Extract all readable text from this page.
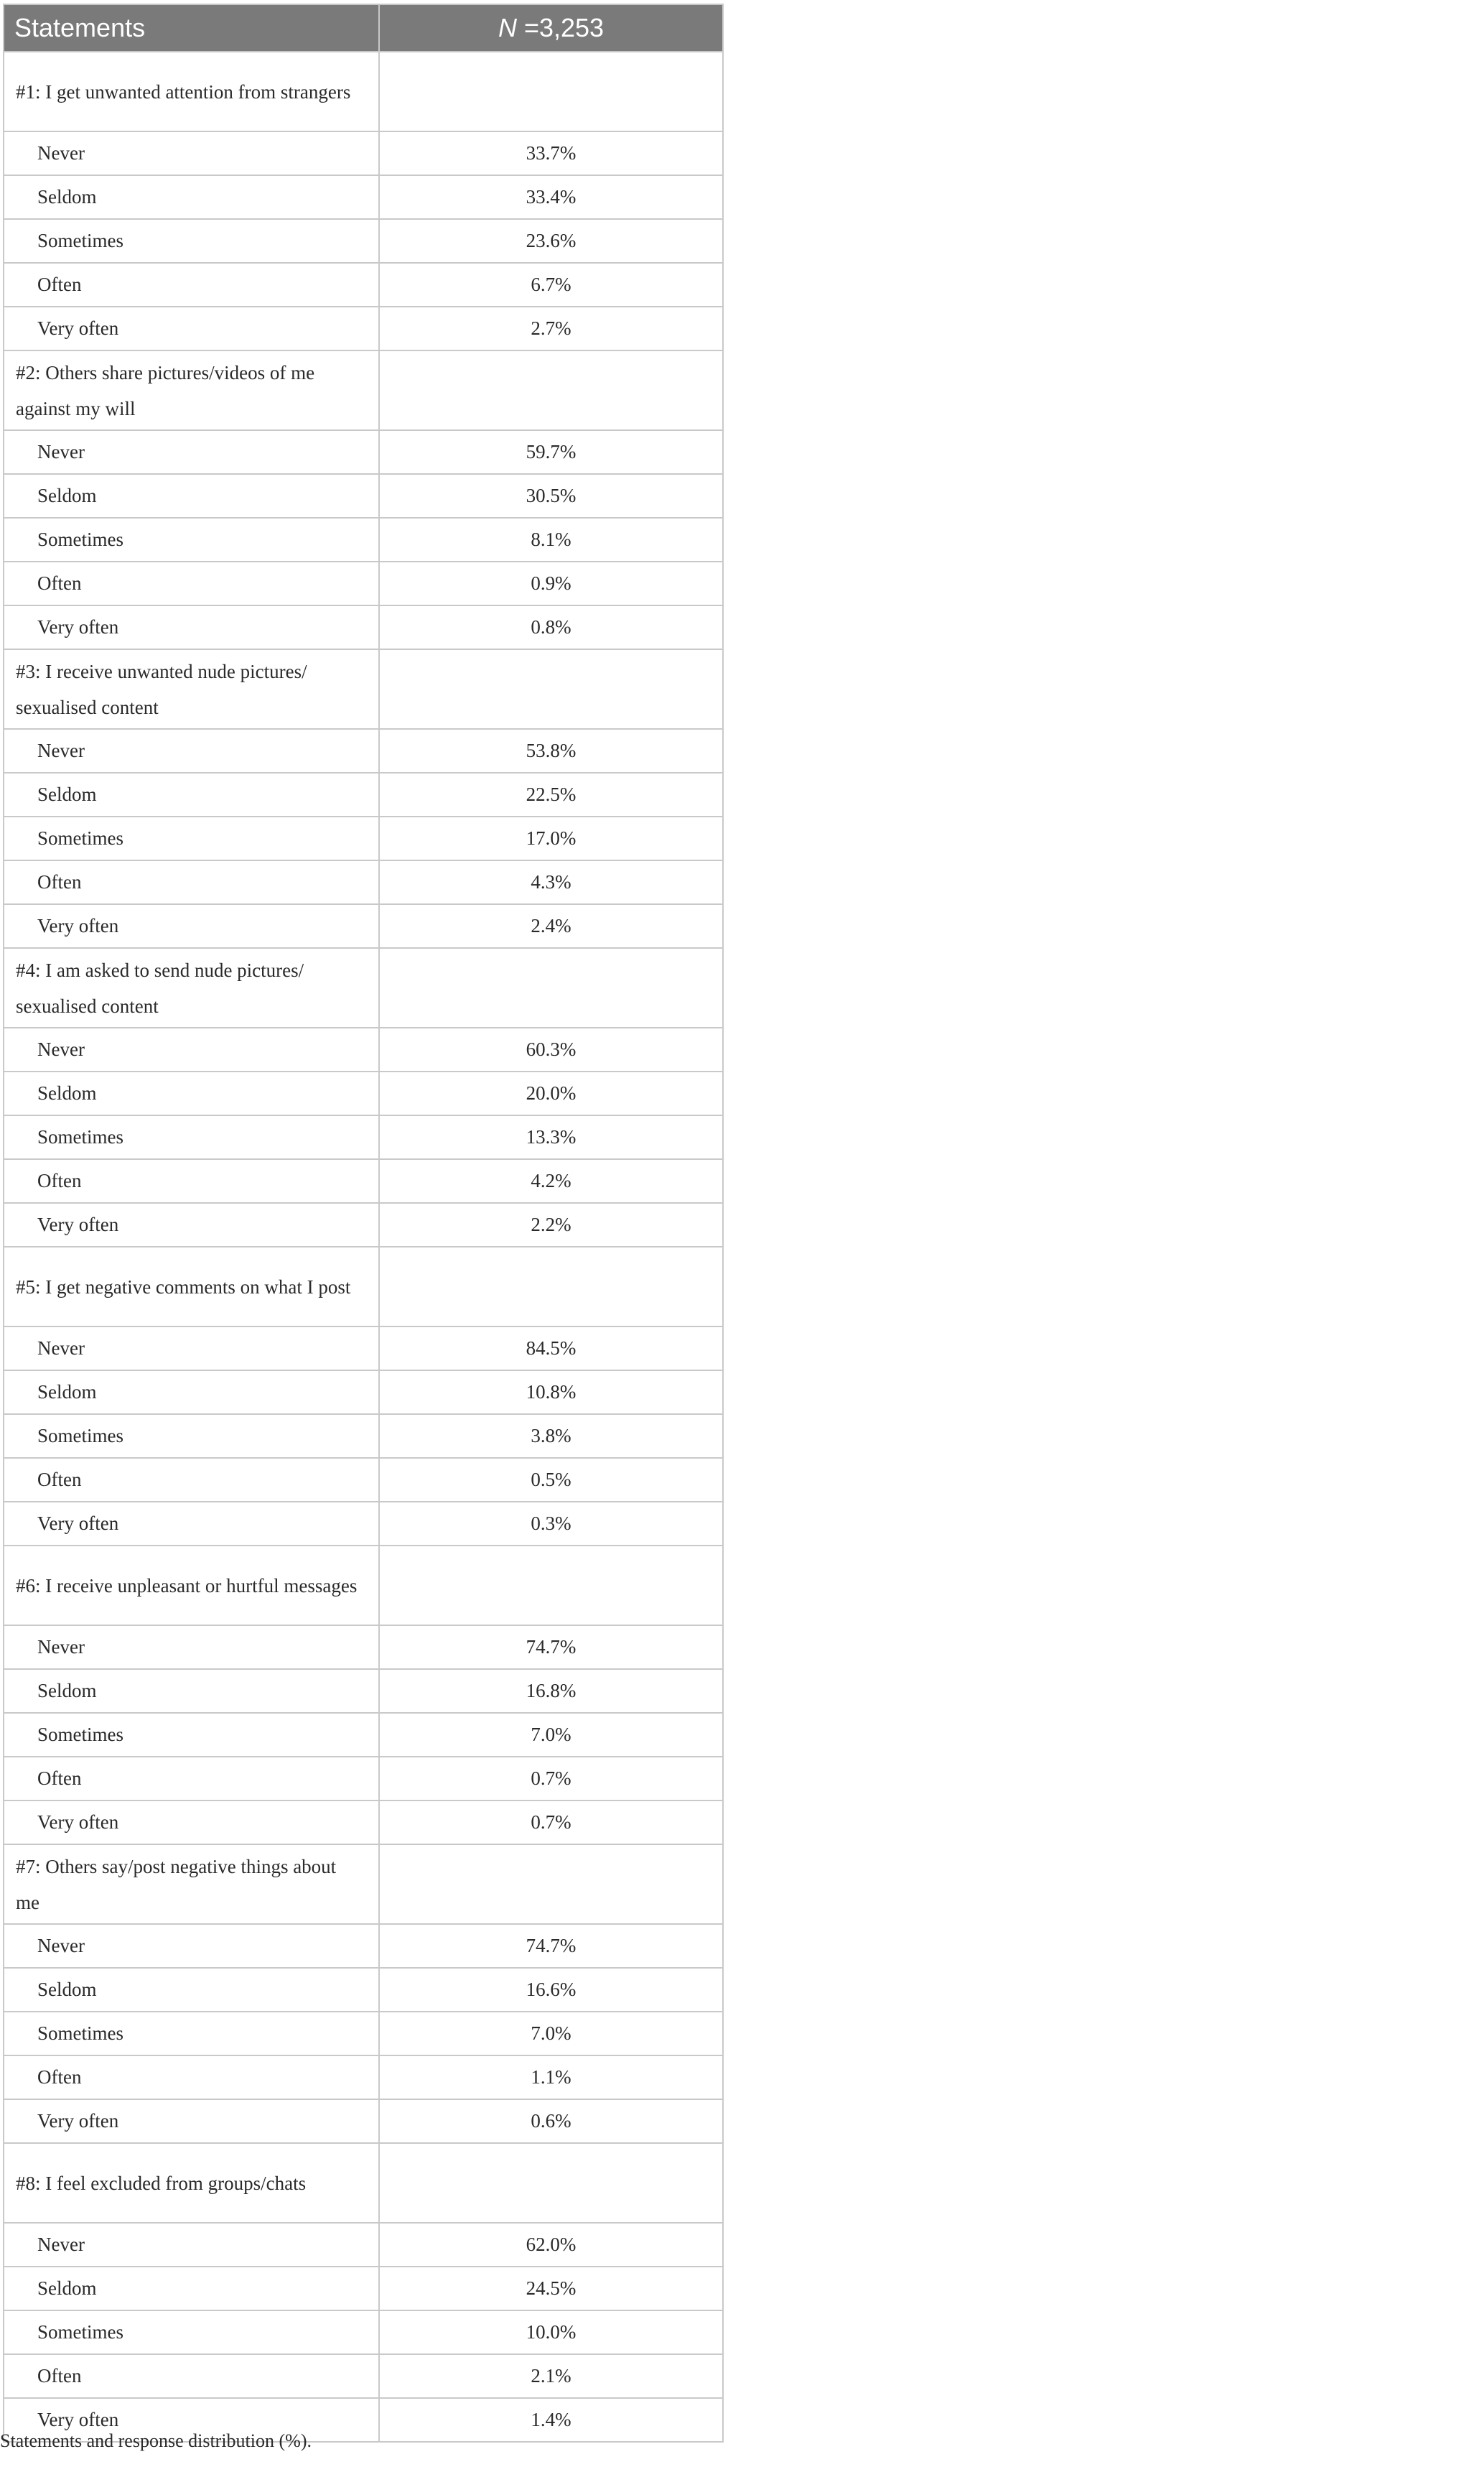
Statements	N =3,253
#1: I get unwanted attention from strangers	
Never	33.7%
Seldom	33.4%
Sometimes	23.6%
Often	6.7%
Very often	2.7%
#2: Others share pictures/videos of me against my will	
Never	59.7%
Seldom	30.5%
Sometimes	8.1%
Often	0.9%
Very often	0.8%
#3: I receive unwanted nude pictures/ sexualised content	
Never	53.8%
Seldom	22.5%
Sometimes	17.0%
Often	4.3%
Very often	2.4%
#4: I am asked to send nude pictures/ sexualised content	
Never	60.3%
Seldom	20.0%
Sometimes	13.3%
Often	4.2%
Very often	2.2%
#5: I get negative comments on what I post	
Never	84.5%
Seldom	10.8%
Sometimes	3.8%
Often	0.5%
Very often	0.3%
#6: I receive unpleasant or hurtful messages	
Never	74.7%
Seldom	16.8%
Sometimes	7.0%
Often	0.7%
Very often	0.7%
#7: Others say/post negative things about me	
Never	74.7%
Seldom	16.6%
Sometimes	7.0%
Often	1.1%
Very often	0.6%
#8: I feel excluded from groups/chats	
Never	62.0%
Seldom	24.5%
Sometimes	10.0%
Often	2.1%
Very often	1.4%
Statements and response distribution (%).
